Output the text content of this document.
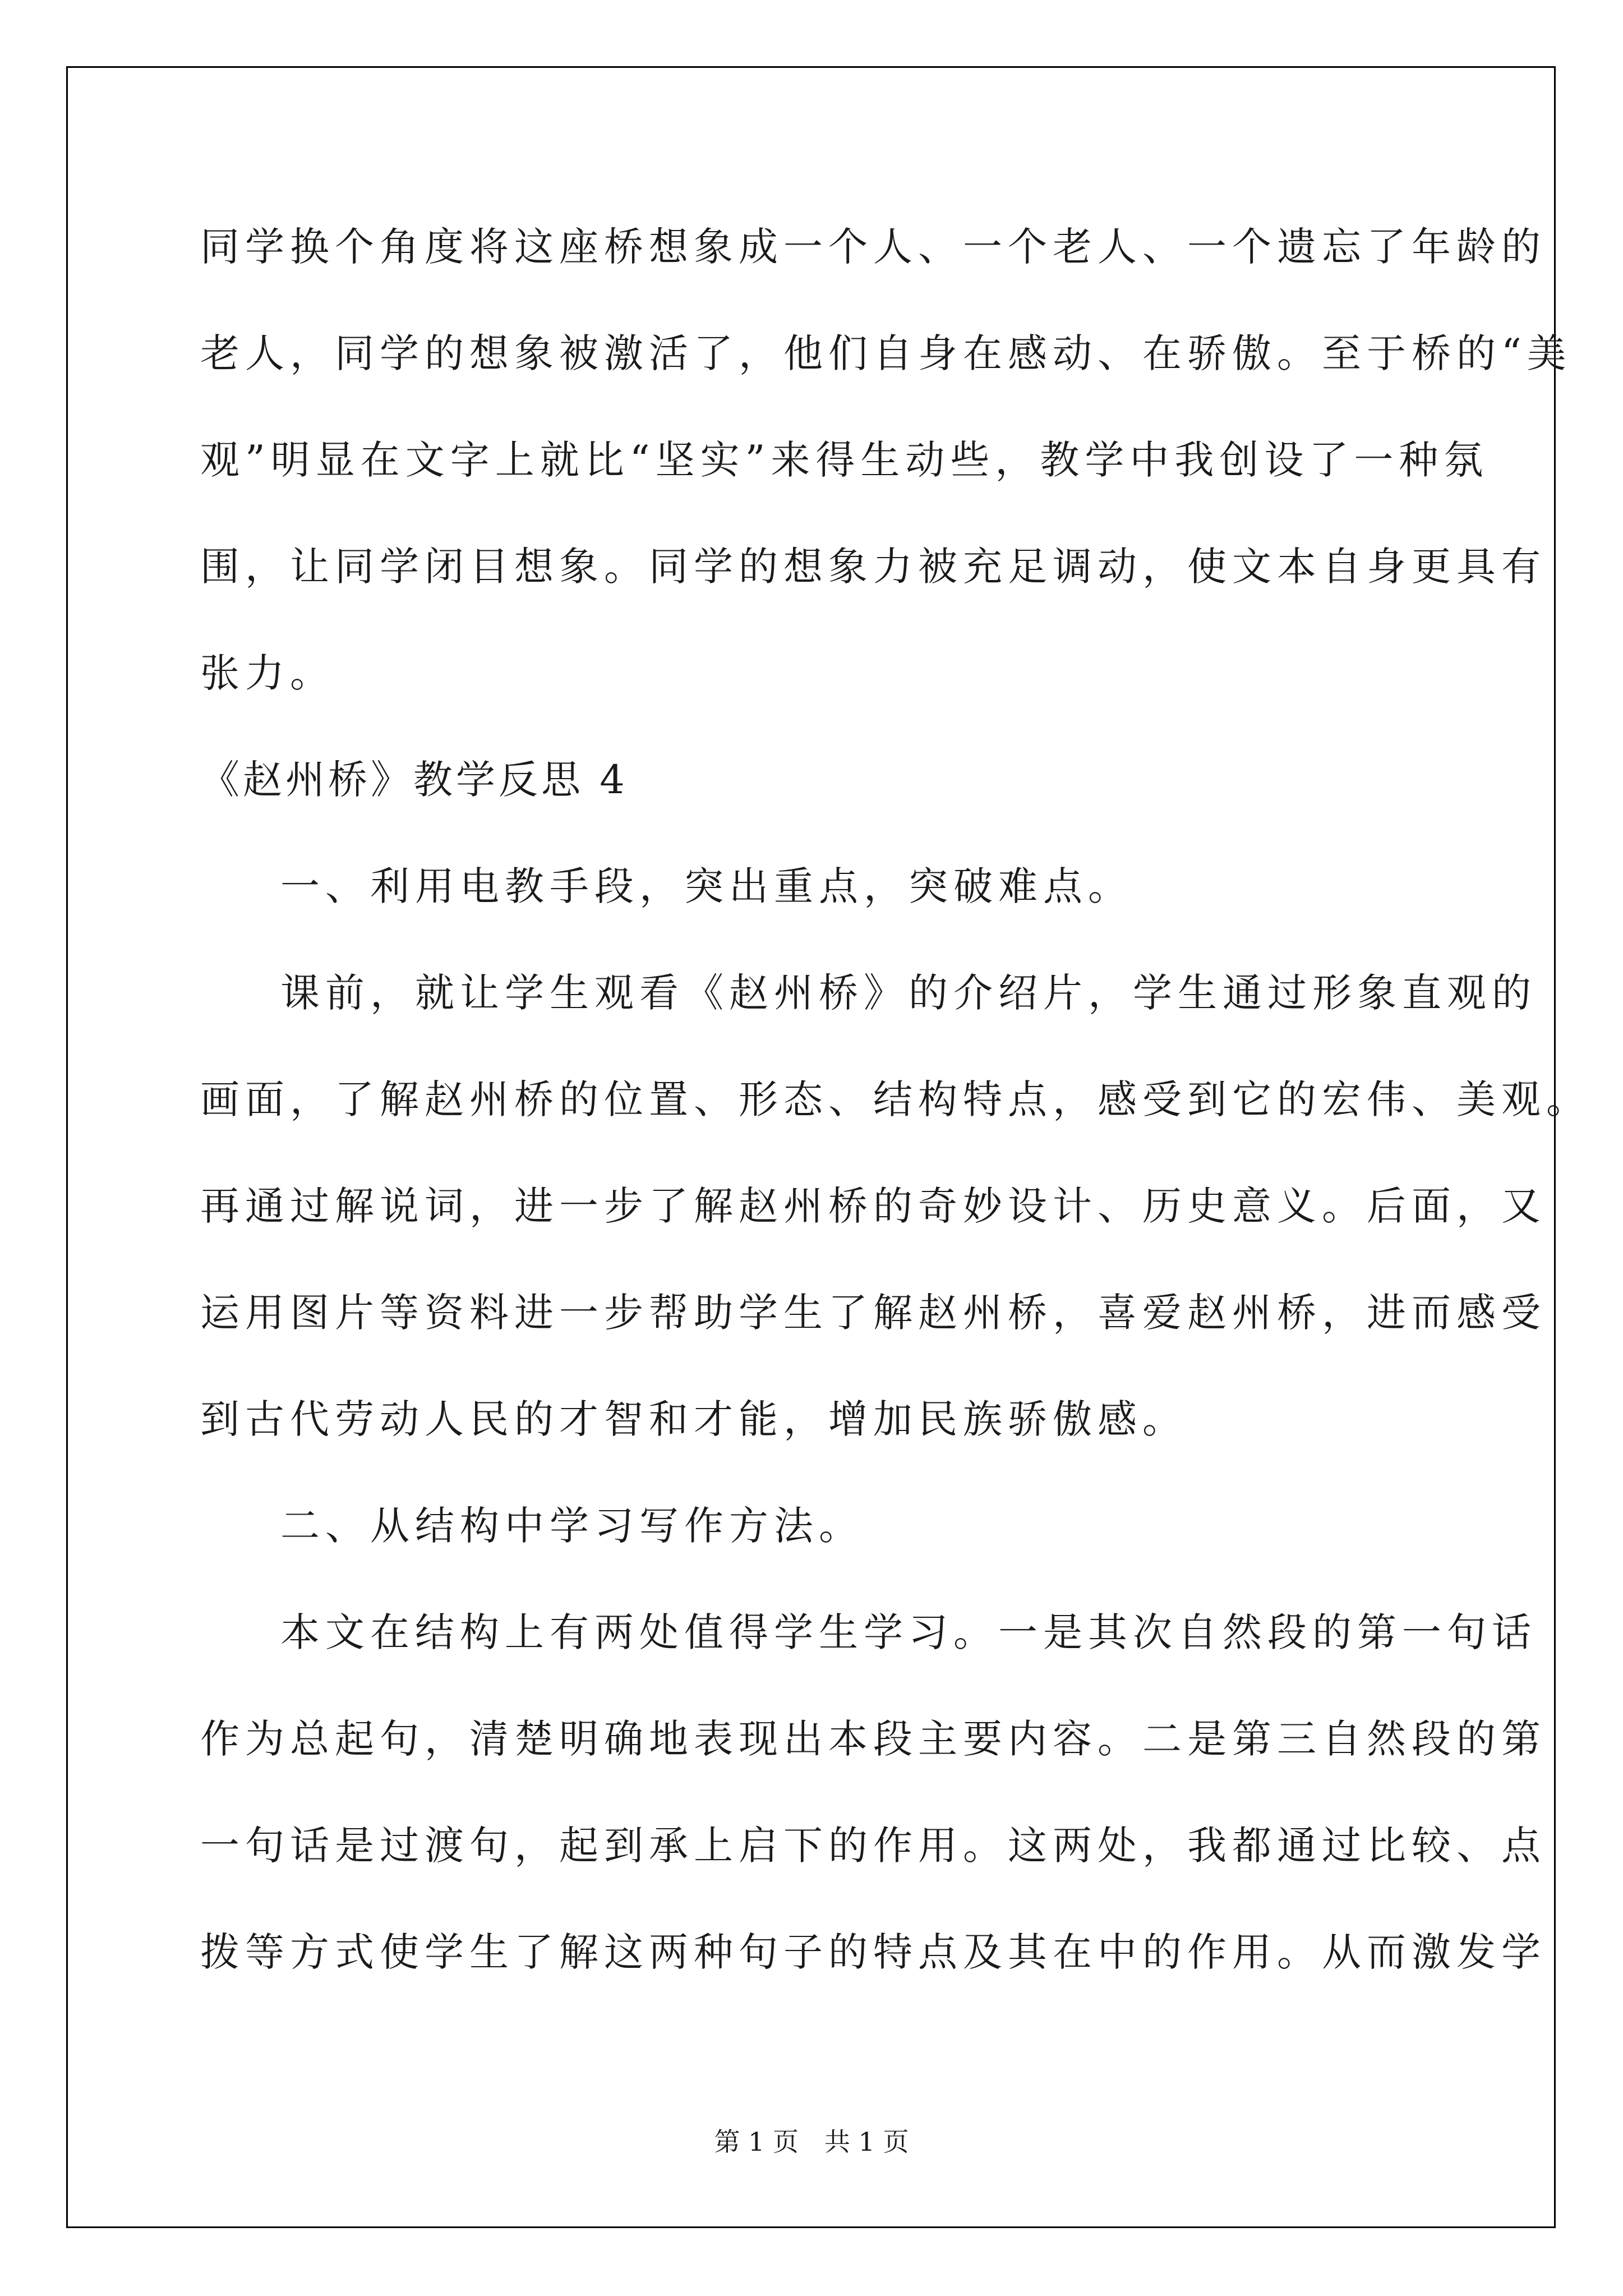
同学换个角度将这座桥想象成一个人、一个老人、一个遗忘了年龄的

老人，同学的想象被激活了，他们自身在感动、在骄傲。至于桥的“美

观”明显在文字上就比“坚实”来得生动些，教学中我创设了一种氛

围，让同学闭目想象。同学的想象力被充足调动，使文本自身更具有

张力。

《赵州桥》教学反思 4

一、利用电教手段，突出重点，突破难点。

课前，就让学生观看《赵州桥》的介绍片，学生通过形象直观的

画面，了解赵州桥的位置、形态、结构特点，感受到它的宏伟、美观。

再通过解说词，进一步了解赵州桥的奇妙设计、历史意义。后面，又

运用图片等资料进一步帮助学生了解赵州桥，喜爱赵州桥，进而感受

到古代劳动人民的才智和才能，增加民族骄傲感。

二、从结构中学习写作方法。

本文在结构上有两处值得学生学习。一是其次自然段的第一句话

作为总起句，清楚明确地表现出本段主要内容。二是第三自然段的第

一句话是过渡句，起到承上启下的作用。这两处，我都通过比较、点

拨等方式使学生了解这两种句子的特点及其在中的作用。从而激发学

第 1 页　共 1 页
